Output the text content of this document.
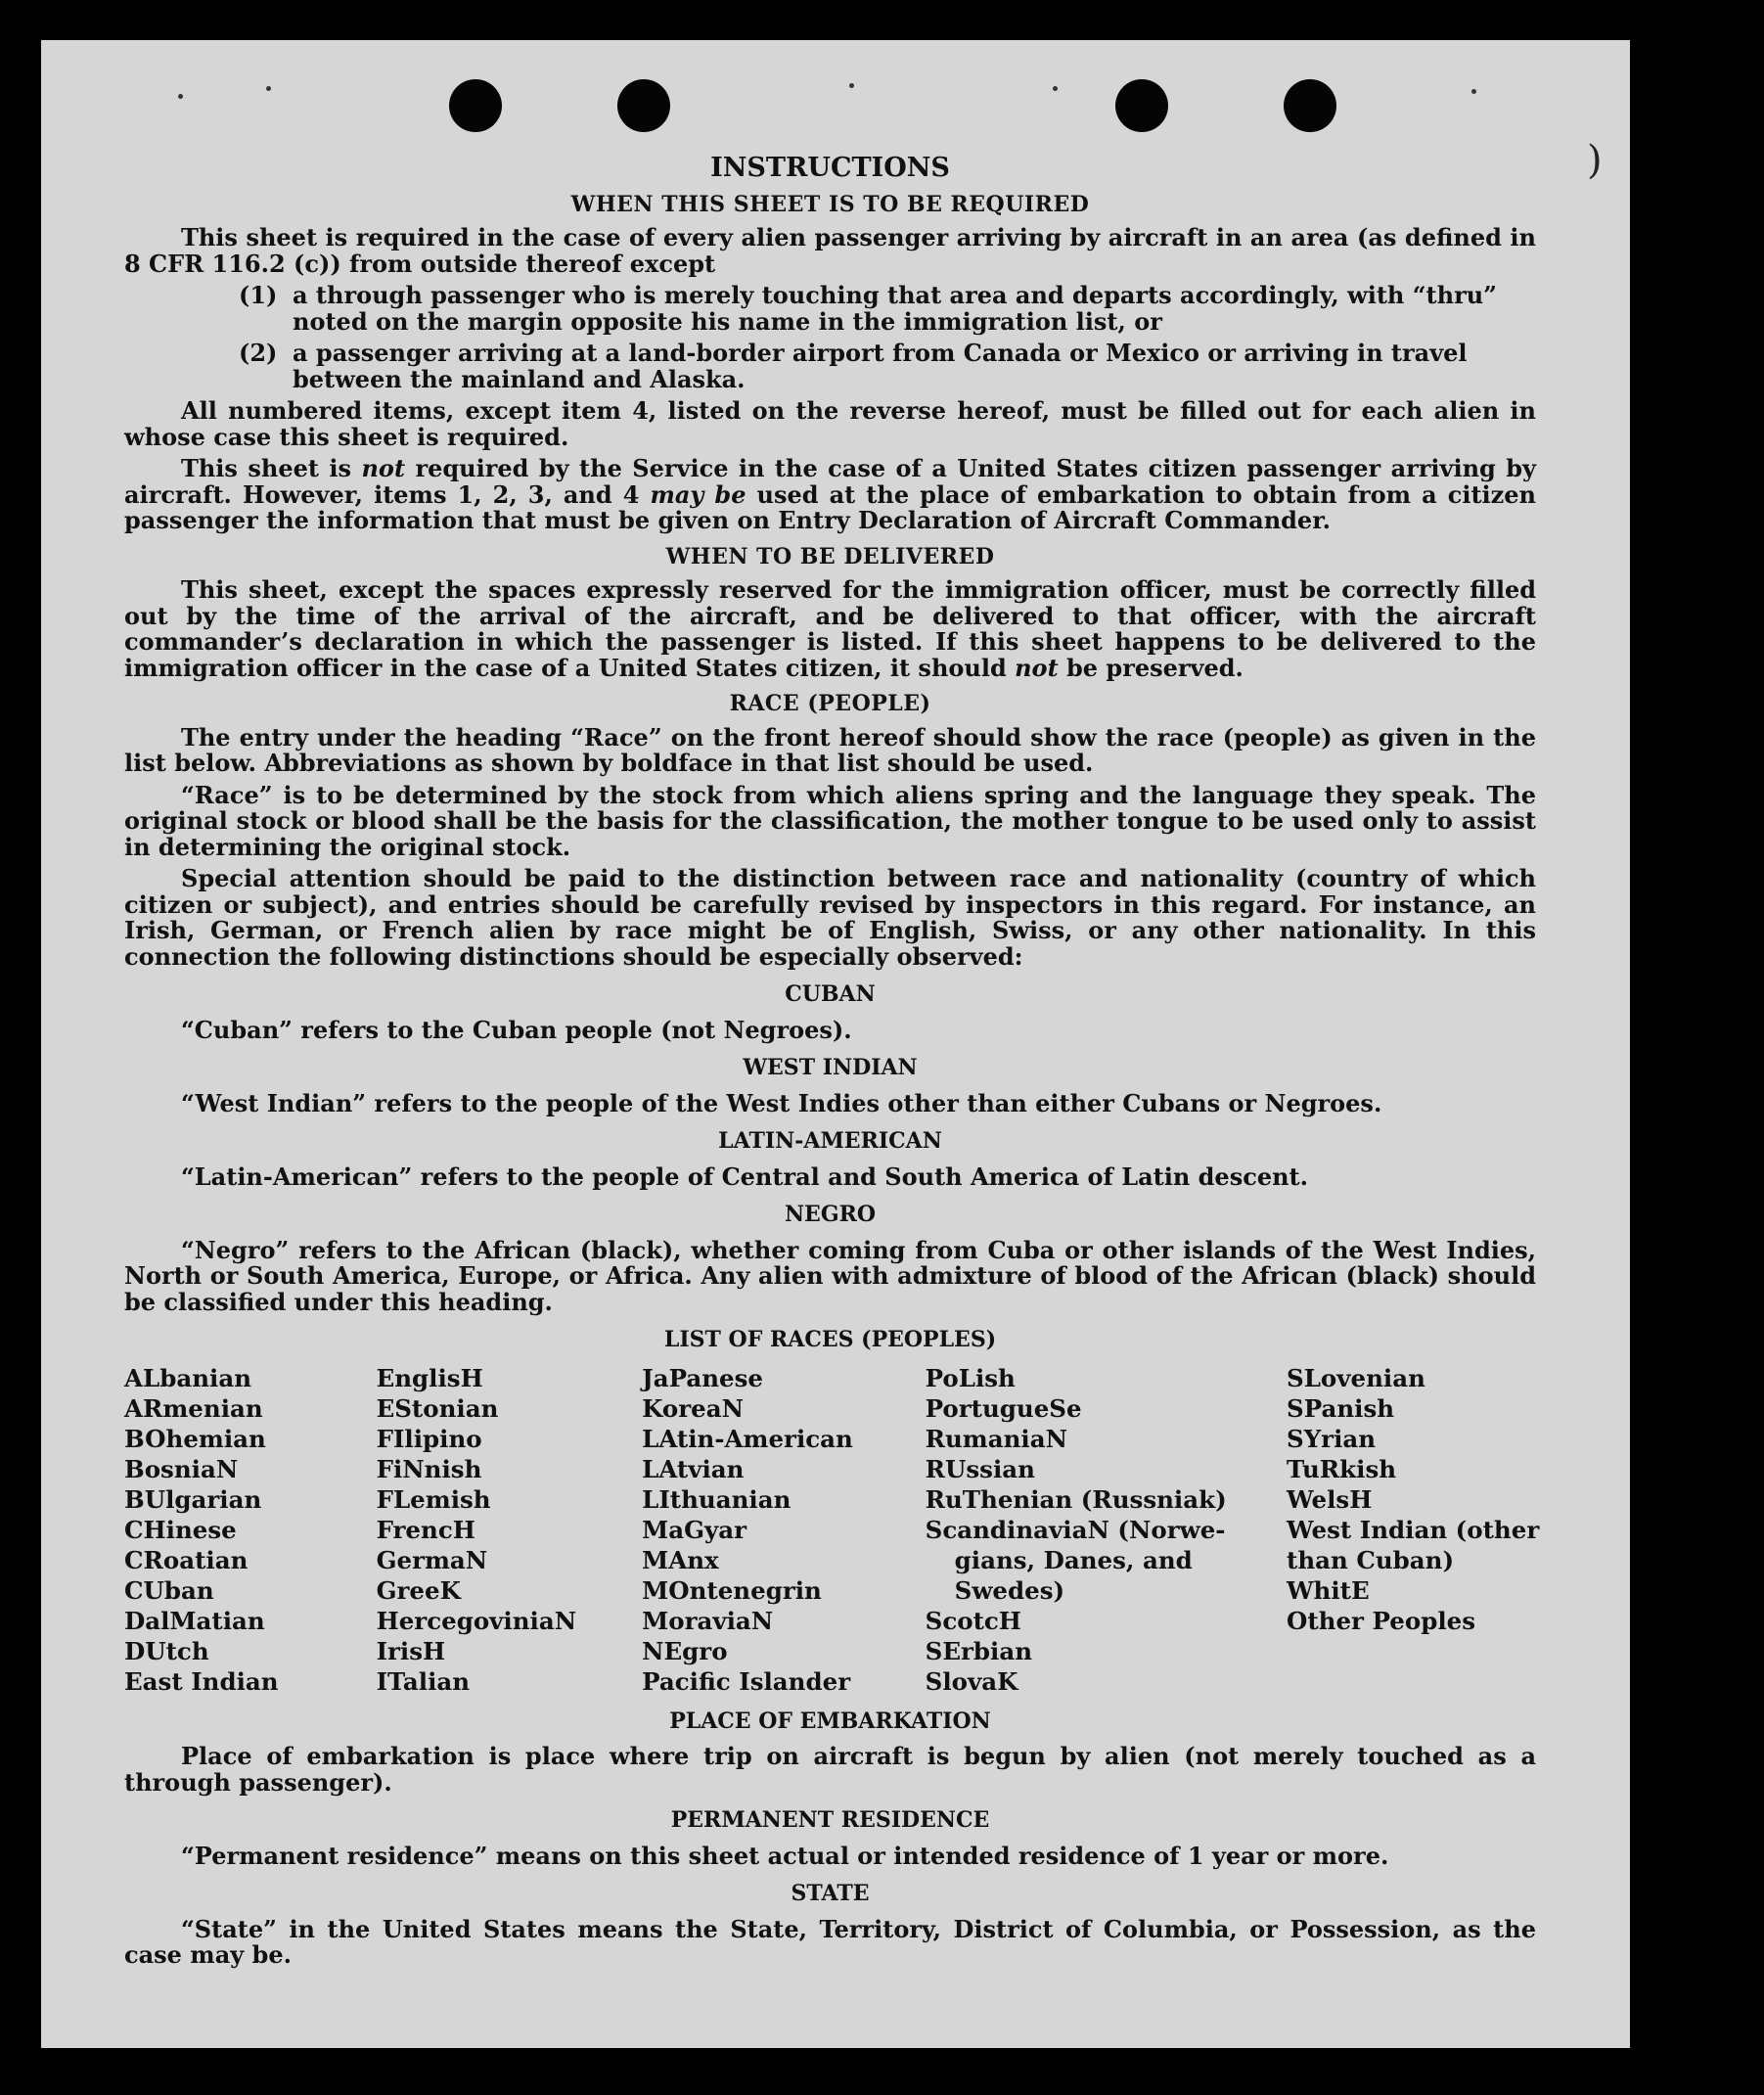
)
INSTRUCTIONS
WHEN THIS SHEET IS TO BE REQUIRED

This sheet is required in the case of every alien passenger arriving by aircraft in an area (as defined in 8 CFR 116.2 (c)) from outside thereof except

(1) a through passenger who is merely touching that area and departs accordingly, with “thru” noted on the margin opposite his name in the immigration list, or
(2) a passenger arriving at a land-border airport from Canada or Mexico or arriving in travel between the mainland and Alaska.

All numbered items, except item 4, listed on the reverse hereof, must be filled out for each alien in whose case this sheet is required.

This sheet is not required by the Service in the case of a United States citizen passenger arriving by aircraft. However, items 1, 2, 3, and 4 may be used at the place of embarkation to obtain from a citizen passenger the information that must be given on Entry Declaration of Aircraft Commander.

WHEN TO BE DELIVERED

This sheet, except the spaces expressly reserved for the immigration officer, must be correctly filled out by the time of the arrival of the aircraft, and be delivered to that officer, with the aircraft commander’s declaration in which the passenger is listed. If this sheet happens to be delivered to the immigration officer in the case of a United States citizen, it should not be preserved.

RACE (PEOPLE)

The entry under the heading “Race” on the front hereof should show the race (people) as given in the list below. Abbreviations as shown by boldface in that list should be used.

“Race” is to be determined by the stock from which aliens spring and the language they speak. The original stock or blood shall be the basis for the classification, the mother tongue to be used only to assist in determining the original stock.

Special attention should be paid to the distinction between race and nationality (country of which citizen or subject), and entries should be carefully revised by inspectors in this regard. For instance, an Irish, German, or French alien by race might be of English, Swiss, or any other nationality. In this connection the following distinctions should be especially observed:

CUBAN

“Cuban” refers to the Cuban people (not Negroes).

WEST INDIAN

“West Indian” refers to the people of the West Indies other than either Cubans or Negroes.

LATIN-AMERICAN

“Latin-American” refers to the people of Central and South America of Latin descent.

NEGRO

“Negro” refers to the African (black), whether coming from Cuba or other islands of the West Indies, North or South America, Europe, or Africa. Any alien with admixture of blood of the African (black) should be classified under this heading.

LIST OF RACES (PEOPLES)
ALbanian
ARmenian
BOhemian
BosniaN
BUlgarian
CHinese
CRoatian
CUban
DalMatian
DUtch
East Indian
EnglisH
EStonian
FIlipino
FiNnish
FLemish
FrencH
GermaN
GreeK
HercegoviniaN
IrisH
ITalian
JaPanese
KoreaN
LAtin-American
LAtvian
LIthuanian
MaGyar
MAnx
MOntenegrin
MoraviaN
NEgro
Pacific Islander
PoLish
PortugueSe
RumaniaN
RUssian
RuThenian (Russniak)
ScandinaviaN (Norwe-
gians, Danes, and
Swedes)
ScotcH
SErbian
SlovaK
SLovenian
SPanish
SYrian
TuRkish
WelsH
West Indian (other
than Cuban)
WhitE
Other Peoples
PLACE OF EMBARKATION

Place of embarkation is place where trip on aircraft is begun by alien (not merely touched as a through passenger).

PERMANENT RESIDENCE

“Permanent residence” means on this sheet actual or intended residence of 1 year or more.

STATE

“State” in the United States means the State, Territory, District of Columbia, or Possession, as the case may be.
